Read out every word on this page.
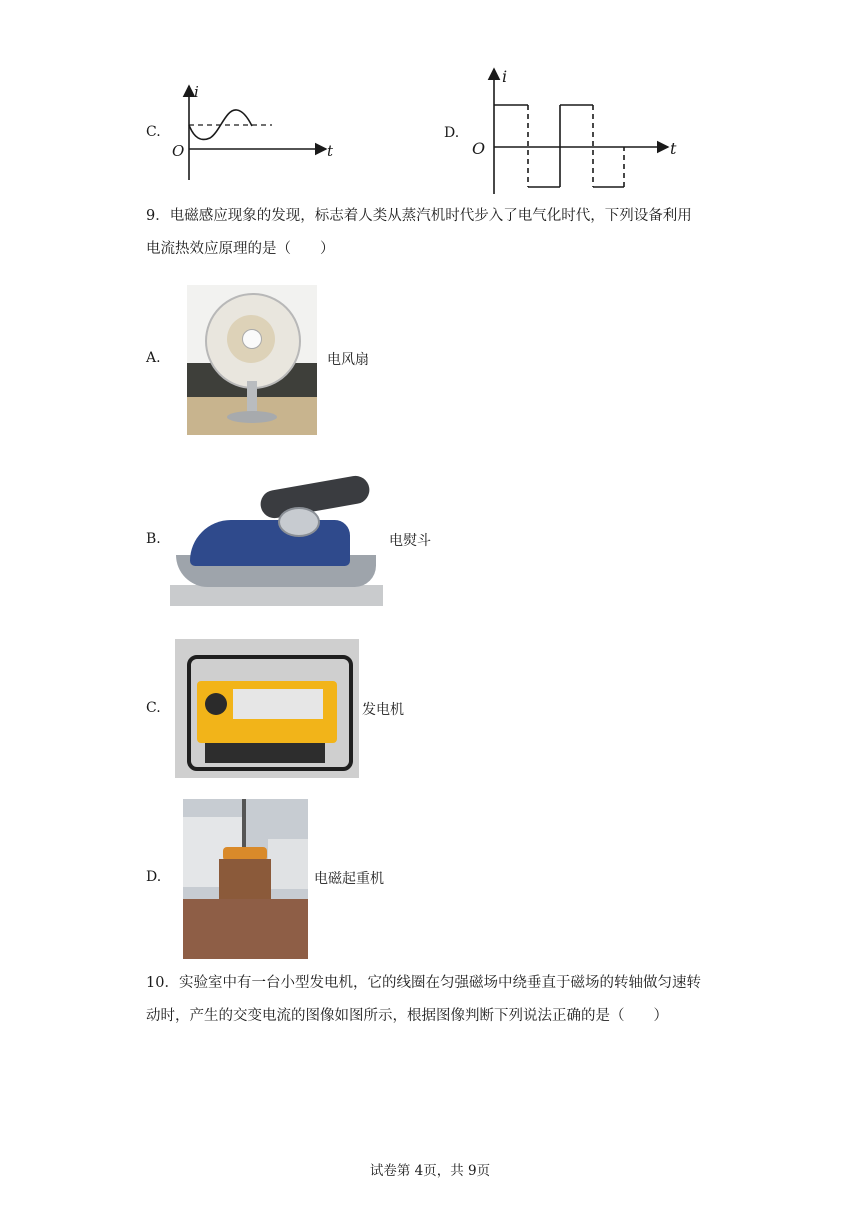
C.
i
O	t
D.
i
O	t
9．电磁感应现象的发现，标志着人类从蒸汽机时代步入了电气化时代，下列设备利用
电流热效应原理的是（　　）
A.	电风扇
B.	电熨斗
C.	发电机
D.	电磁起重机
10．实验室中有一台小型发电机，它的线圈在匀强磁场中绕垂直于磁场的转轴做匀速转
动时，产生的交变电流的图像如图所示，根据图像判断下列说法正确的是（　　）
试卷第 4页，共 9页
